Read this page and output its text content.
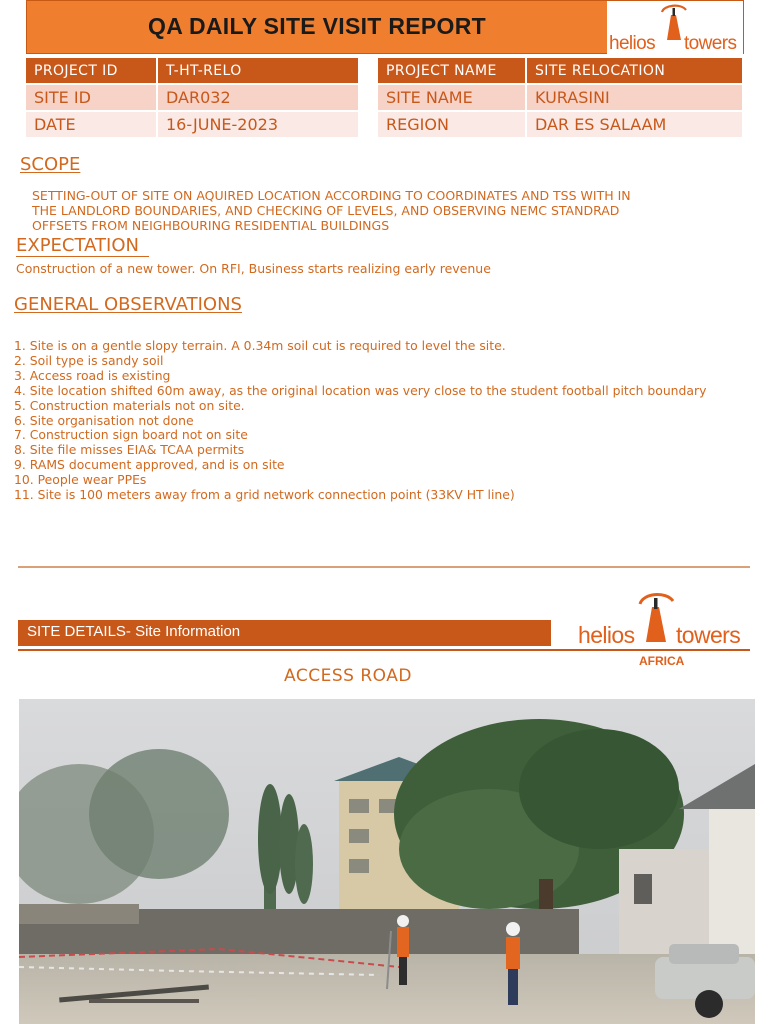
QA DAILY SITE VISIT REPORT
helios towers
PROJECT ID	T-HT-RELO
SITE ID	DAR032
DATE	16-JUNE-2023
PROJECT NAME	SITE RELOCATION
SITE NAME	KURASINI
REGION	DAR ES SALAAM
SCOPE
SETTING-OUT OF SITE ON AQUIRED LOCATION ACCORDING TO COORDINATES AND TSS WITH IN
THE LANDLORD BOUNDARIES, AND CHECKING OF LEVELS, AND OBSERVING NEMC STANDRAD
OFFSETS FROM NEIGHBOURING RESIDENTIAL BUILDINGS
EXPECTATION
Construction of a new tower. On RFI, Business starts realizing early revenue
GENERAL OBSERVATIONS
1. Site is on a gentle slopy terrain. A 0.34m soil cut is required to level the site.
2. Soil type is sandy soil
3. Access road is existing
4. Site location shifted 60m away, as the original location was very close to the student football pitch boundary
5. Construction materials not on site.
6. Site organisation not done
7. Construction sign board not on site
8. Site file misses EIA& TCAA permits
9. RAMS document approved, and is on site
10. People wear PPEs
11. Site is 100 meters away from a grid network connection point (33KV HT line)
SITE DETAILS- Site Information	helios towers
AFRICA
ACCESS ROAD
